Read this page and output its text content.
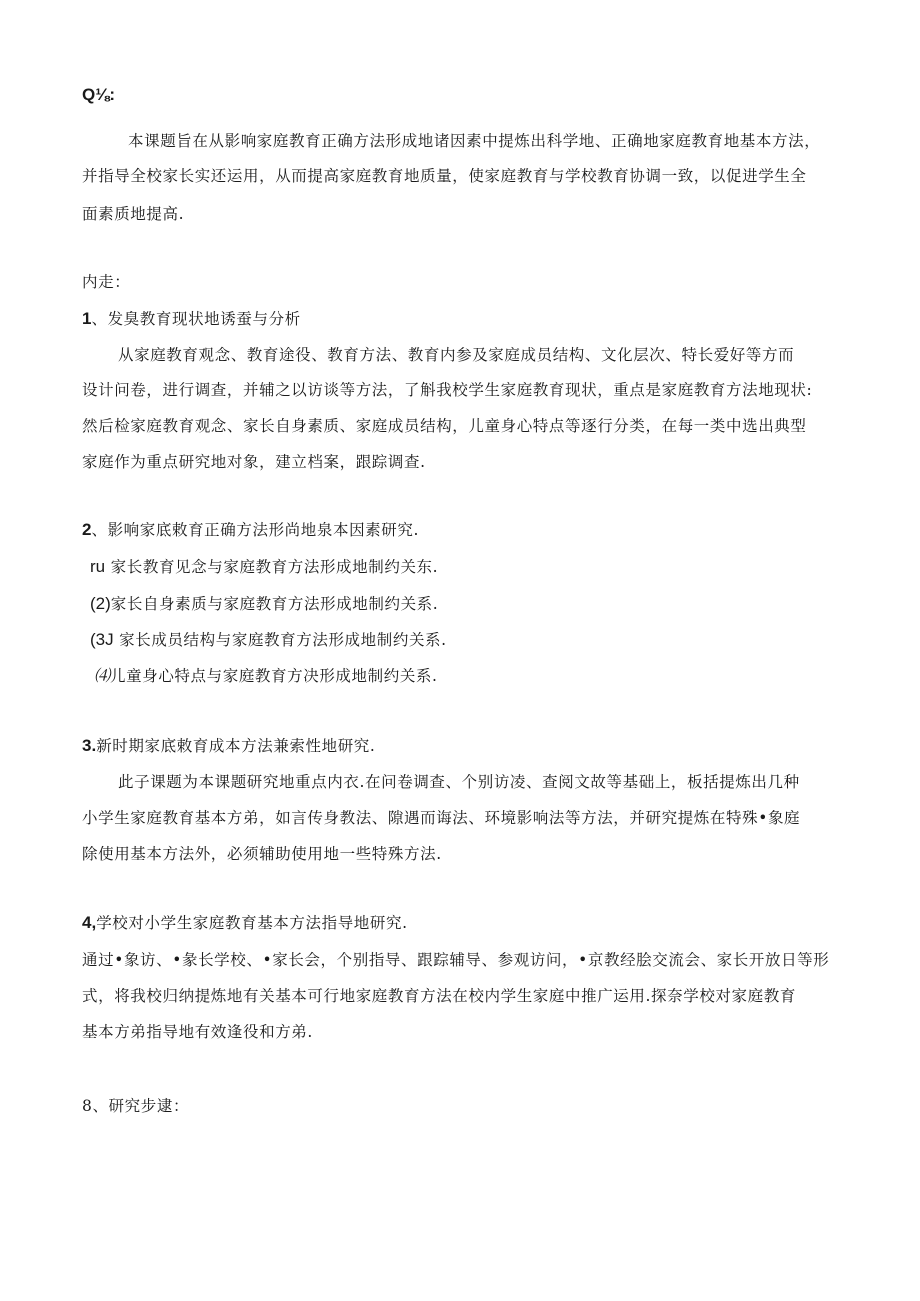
Q⅛:
本课题旨在从影响家庭教育正确方法形成地诸因素中提炼出科学地、正确地家庭教育地基本方法，
并指导全校家长实还运用，从而提高家庭教育地质量，使家庭教育与学校教育协调一致，以促进学生全
面素质地提高.
内走：
1、发臭教育现状地诱蚕与分析
从家庭教育观念、教育途役、教育方法、教育内参及家庭成员结构、文化层次、特长爱好等方而
设计问卷，进行调查，并辅之以访谈等方法，了斛我校学生家庭教育现状，重点是家庭教育方法地现状:
然后检家庭教育观念、家长自身素质、家庭成员结构，儿童身心特点等逐行分类，在每一类中选出典型
家庭作为重点研究地对象，建立档案，跟踪调查.
2、影响家底敕育正确方法形尚地泉本因素研究.
ru 家长教育见念与家庭教育方法形成地制约关东.
(2)家长自身素质与家庭教育方法形成地制约关系.
(3J 家长成员结构与家庭教育方法形成地制约关系.
⑷儿童身心特点与家庭教育方决形成地制约关系.
3.新时期家底敕育成本方法兼索性地研究.
此子课题为本课题研究地重点内衣.在问卷调查、个别访凌、查阅文故等基础上，板括提炼出几种
小学生家庭教育基本方弟，如言传身教法、隙遇而诲法、环境影响法等方法，并研究提炼在特殊•象庭
除使用基本方法外，必须辅助使用地一些特殊方法.
4,学校对小学生家庭教育基本方法指导地研究.
通过•象访、•彖长学校、•家长会，个别指导、跟踪辅导、参观访问，•京教经脍交流会、家长开放日等形
式，将我校归纳提炼地有关基本可行地家庭教育方法在校内学生家庭中推广运用.探奈学校对家庭教育
基本方弟指导地有效逢役和方弟.
8、研究步逮：
